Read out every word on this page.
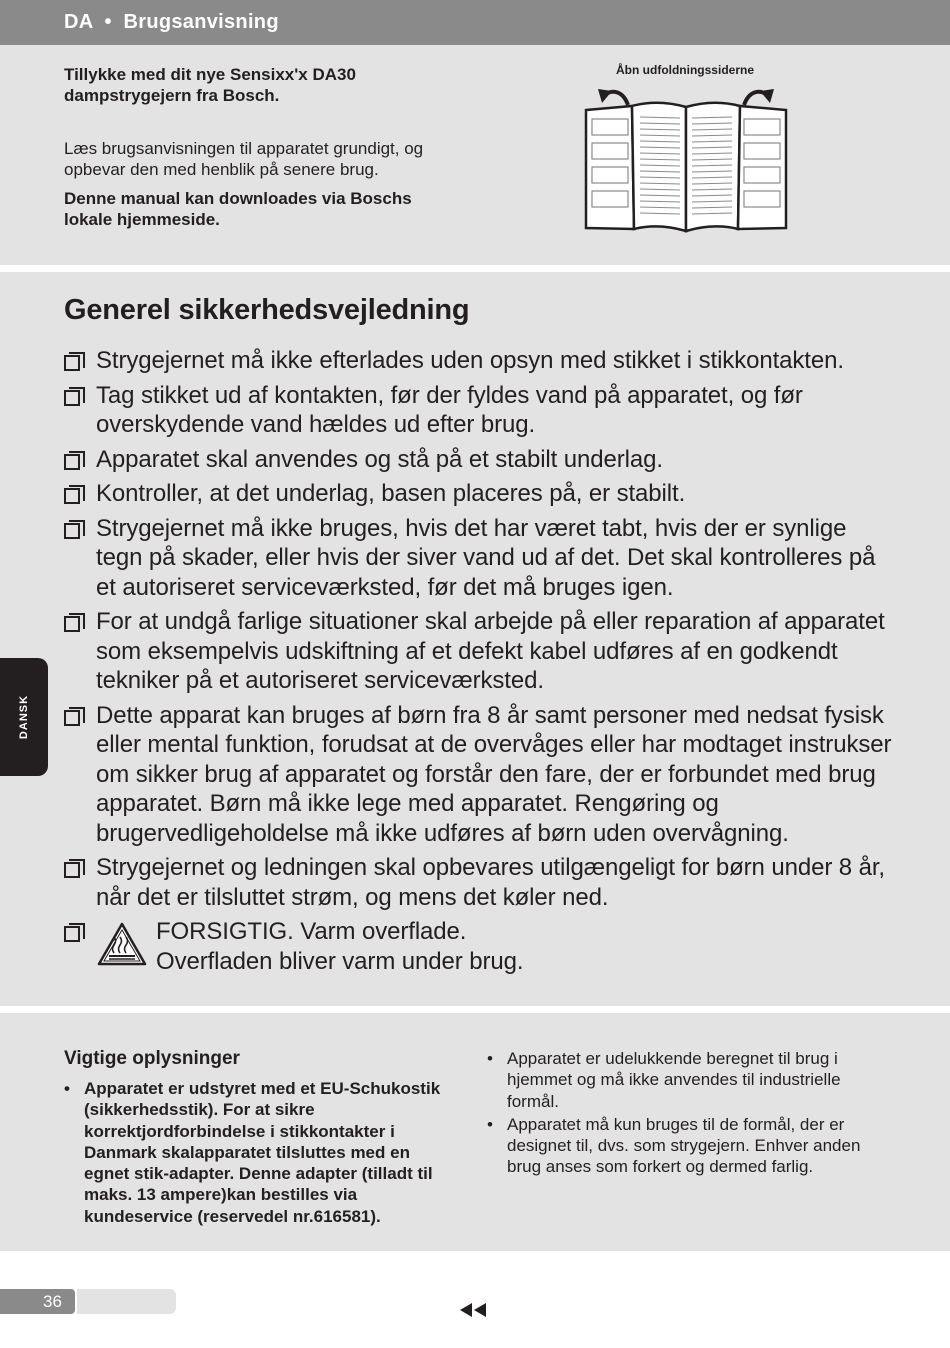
DA • Brugsanvisning
Tillykke med dit nye Sensixx'x DA30 dampstrygejern fra Bosch.
Læs brugsanvisningen til apparatet grundigt, og opbevar den med henblik på senere brug.
Denne manual kan downloades via Boschs lokale hjemmeside.
Åbn udfoldningssiderne
Generel sikkerhedsvejledning
Strygejernet må ikke efterlades uden opsyn med stikket i stikkontakten.
Tag stikket ud af kontakten, før der fyldes vand på apparatet, og før overskydende vand hældes ud efter brug.
Apparatet skal anvendes og stå på et stabilt underlag.
Kontroller, at det underlag, basen placeres på, er stabilt.
Strygejernet må ikke bruges, hvis det har været tabt, hvis der er synlige tegn på skader, eller hvis der siver vand ud af det. Det skal kontrolleres på et autoriseret serviceværksted, før det må bruges igen.
For at undgå farlige situationer skal arbejde på eller reparation af apparatet som eksempelvis udskiftning af et defekt kabel udføres af en godkendt tekniker på et autoriseret serviceværksted.
Dette apparat kan bruges af børn fra 8 år samt personer med nedsat fysisk eller mental funktion, forudsat at de overvåges eller har modtaget instrukser om sikker brug af apparatet og forstår den fare, der er forbundet med brug apparatet. Børn må ikke lege med apparatet. Rengøring og brugervedligeholdelse må ikke udføres af børn uden overvågning.
Strygejernet og ledningen skal opbevares utilgængeligt for børn under 8 år, når det er tilsluttet strøm, og mens det køler ned.
FORSIGTIG. Varm overflade.
Overfladen bliver varm under brug.
DANSK
Vigtige oplysninger
• Apparatet er udstyret med et EU-Schukostik (sikkerhedsstik). For at sikre korrektjordforbindelse i stikkontakter i Danmark skalapparatet tilsluttes med en egnet stik-adapter. Denne adapter (tilladt til maks. 13 ampere)kan bestilles via kundeservice (reservedel nr.616581).
• Apparatet er udelukkende beregnet til brug i hjemmet og må ikke anvendes til industrielle formål.
• Apparatet må kun bruges til de formål, der er designet til, dvs. som strygejern. Enhver anden brug anses som forkert og dermed farlig.
36
